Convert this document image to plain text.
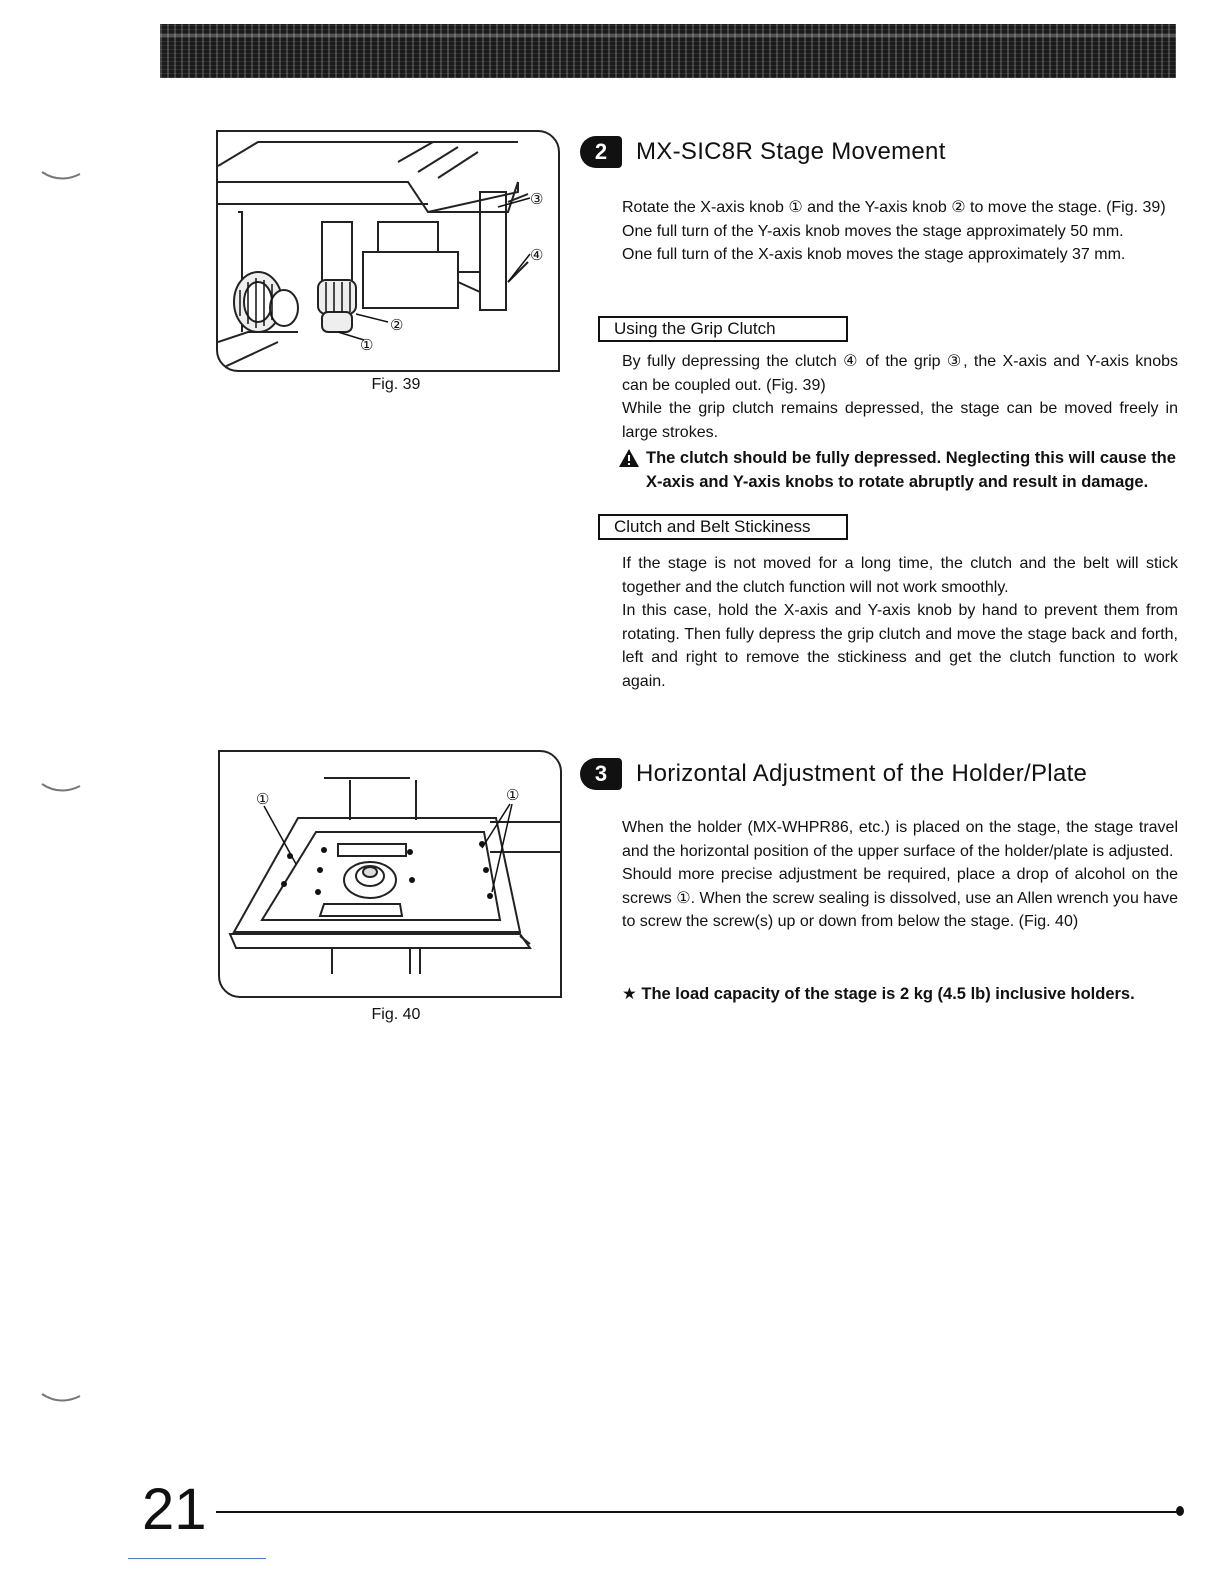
③
④
②
①
Fig. 39
2	MX-SIC8R Stage Movement

Rotate the X-axis knob ① and the Y-axis knob ② to move the stage. (Fig. 39)

One full turn of the Y-axis knob moves the stage approximately 50 mm.

One full turn of the X-axis knob moves the stage approximately 37 mm.

Using the Grip Clutch

By fully depressing the clutch ④ of the grip ③, the X-axis and Y-axis knobs can be coupled out. (Fig. 39)

While the grip clutch remains depressed, the stage can be moved freely in large strokes.

The clutch should be fully depressed. Neglecting this will cause the X-axis and Y-axis knobs to rotate abruptly and result in damage.
Clutch and Belt Stickiness

If the stage is not moved for a long time, the clutch and the belt will stick together and the clutch function will not work smoothly.

In this case, hold the X-axis and Y-axis knob by hand to prevent them from rotating. Then fully depress the grip clutch and move the stage back and forth, left and right to remove the stickiness and get the clutch function to work again.

①	①
Fig. 40
3	Horizontal Adjustment of the Holder/Plate

When the holder (MX-WHPR86, etc.) is placed on the stage, the stage travel and the horizontal position of the upper surface of the holder/plate is adjusted.

Should more precise adjustment be required, place a drop of alcohol on the screws ①. When the screw sealing is dissolved, use an Allen wrench you have to screw the screw(s) up or down from below the stage. (Fig. 40)

★ The load capacity of the stage is 2 kg (4.5 lb) inclusive holders.
21
